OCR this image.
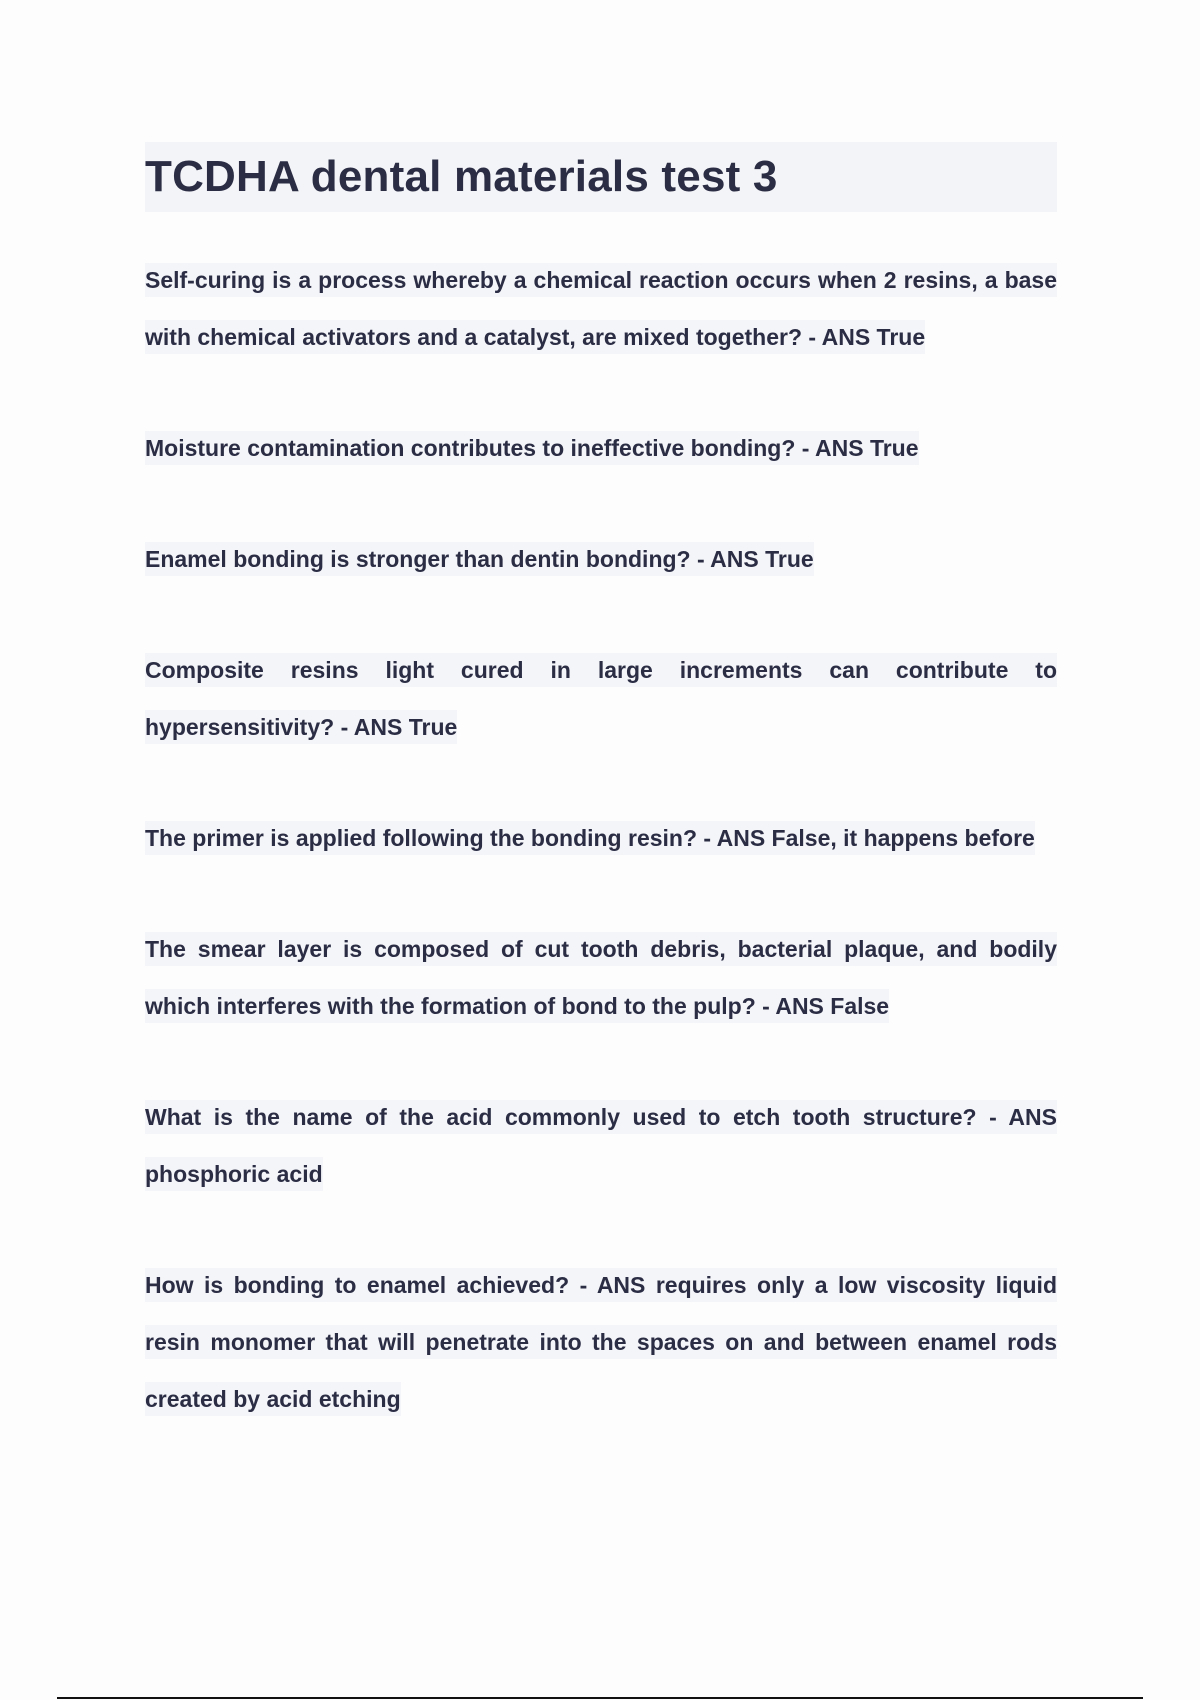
TCDHA dental materials test 3

Self-curing is a process whereby a chemical reaction occurs when 2 resins, a base with chemical activators and a catalyst, are mixed together? - ANS True

Moisture contamination contributes to ineffective bonding? - ANS True

Enamel bonding is stronger than dentin bonding? - ANS True

Composite resins light cured in large increments can contribute to hypersensitivity? - ANS True

The primer is applied following the bonding resin? - ANS False, it happens before

The smear layer is composed of cut tooth debris, bacterial plaque, and bodily which interferes with the formation of bond to the pulp? - ANS False

What is the name of the acid commonly used to etch tooth structure? - ANS phosphoric acid

How is bonding to enamel achieved? - ANS requires only a low viscosity liquid resin monomer that will penetrate into the spaces on and between enamel rods created by acid etching
